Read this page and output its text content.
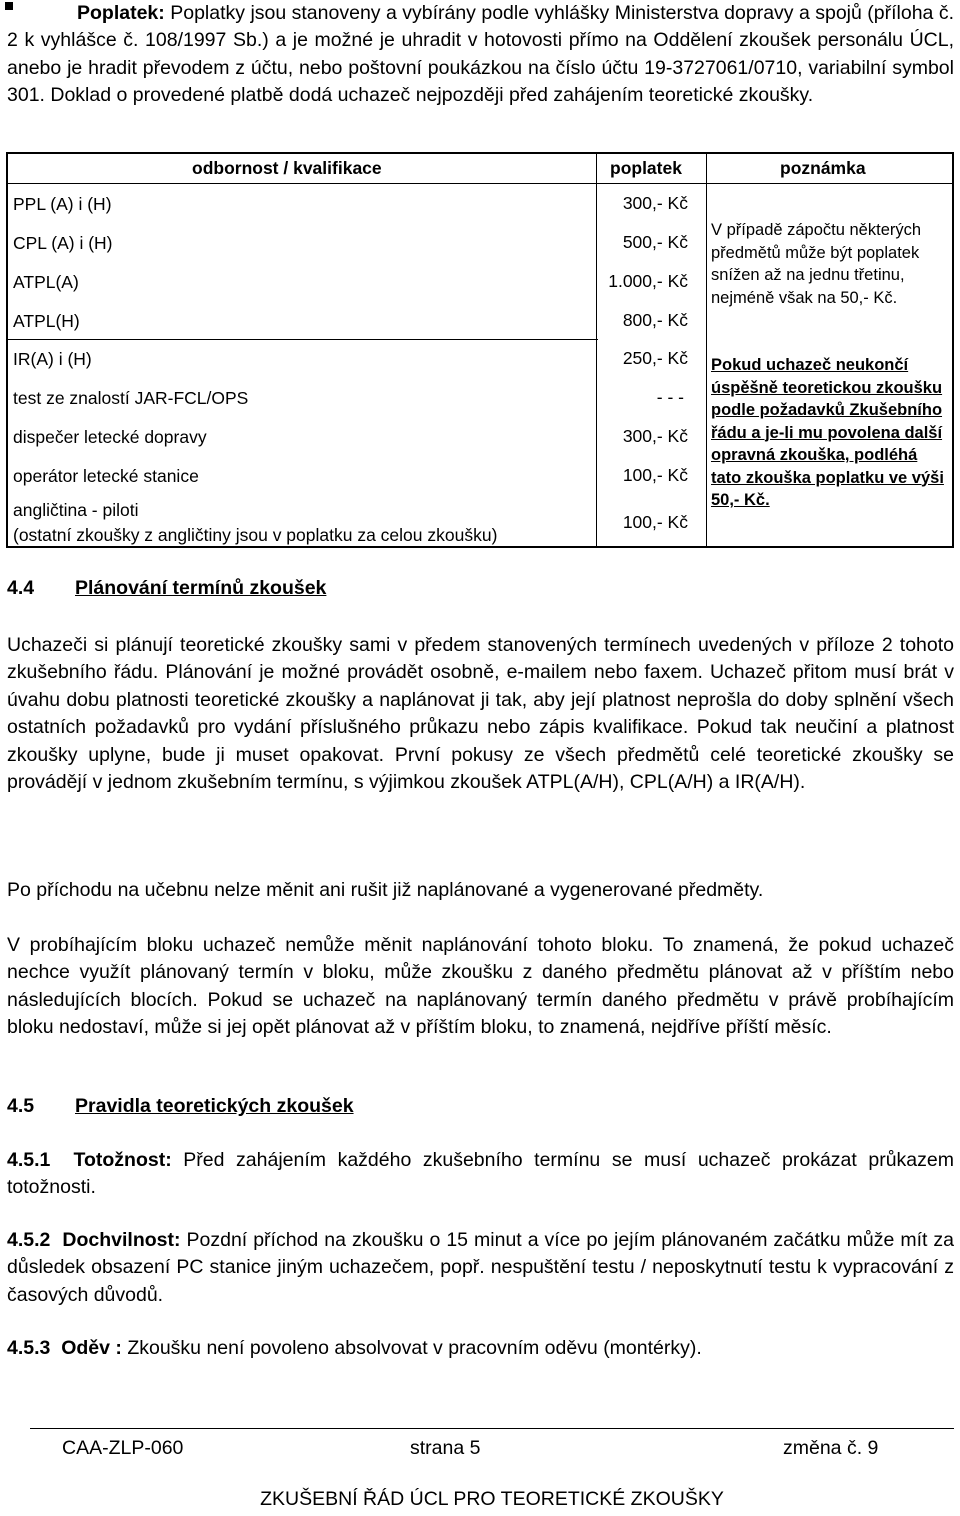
Poplatek: Poplatky jsou stanoveny a vybírány podle vyhlášky Ministerstva dopravy a spojů (příloha č. 2 k vyhlášce č. 108/1997 Sb.) a je možné je uhradit v hotovosti přímo na Oddělení zkoušek personálu ÚCL, anebo je hradit převodem z účtu, nebo poštovní poukázkou na číslo účtu 19-3727061/0710, variabilní symbol 301. Doklad o provedené platbě dodá uchazeč nejpozději před zahájením teoretické zkoušky.
odbornost / kvalifikace	poplatek	poznámka
PPL (A) i (H)	300,- Kč
CPL (A) i (H)	500,- Kč
ATPL(A)	1.000,- Kč
ATPL(H)	800,- Kč
IR(A) i (H)	250,- Kč
test ze znalostí JAR-FCL/OPS	- - -
dispečer letecké dopravy	300,- Kč
operátor letecké stanice	100,- Kč
angličtina - piloti
(ostatní zkoušky z angličtiny jsou v poplatku za celou zkoušku)
100,- Kč
V případě zápočtu některých předmětů může být poplatek snížen až na jednu třetinu, nejméně však na 50,- Kč.
Pokud uchazeč neukončí úspěšně teoretickou zkoušku podle požadavků Zkušebního řádu a je-li mu povolena další opravná zkouška, podléhá tato zkouška poplatku ve výši 50,- Kč.
4.4 Plánování termínů zkoušek
Uchazeči si plánují teoretické zkoušky sami v předem stanovených termínech uvedených v příloze 2 tohoto zkušebního řádu. Plánování je možné provádět osobně, e-mailem nebo faxem. Uchazeč přitom musí brát v úvahu dobu platnosti teoretické zkoušky a naplánovat ji tak, aby její platnost neprošla do doby splnění všech ostatních požadavků pro vydání příslušného průkazu nebo zápis kvalifikace. Pokud tak neučiní a platnost zkoušky uplyne, bude ji muset opakovat. První pokusy ze všech předmětů celé teoretické zkoušky se provádějí v jednom zkušebním termínu, s výjimkou zkoušek ATPL(A/H), CPL(A/H) a IR(A/H).
Po příchodu na učebnu nelze měnit ani rušit již naplánované a vygenerované předměty.
V probíhajícím bloku uchazeč nemůže měnit naplánování tohoto bloku. To znamená, že pokud uchazeč nechce využít plánovaný termín v bloku, může zkoušku z daného předmětu plánovat až v příštím nebo následujících blocích. Pokud se uchazeč na naplánovaný termín daného předmětu v právě probíhajícím bloku nedostaví, může si jej opět plánovat až v příštím bloku, to znamená, nejdříve příští měsíc.
4.5 Pravidla teoretických zkoušek
4.5.1 Totožnost: Před zahájením každého zkušebního termínu se musí uchazeč prokázat průkazem totožnosti.
4.5.2 Dochvilnost: Pozdní příchod na zkoušku o 15 minut a více po jejím plánovaném začátku může mít za důsledek obsazení PC stanice jiným uchazečem, popř. nespuštění testu / neposkytnutí testu k vypracování z časových důvodů.
4.5.3 Oděv : Zkoušku není povoleno absolvovat v pracovním oděvu (montérky).
CAA-ZLP-060	strana 5	změna č. 9
ZKUŠEBNÍ ŘÁD ÚCL PRO TEORETICKÉ ZKOUŠKY
